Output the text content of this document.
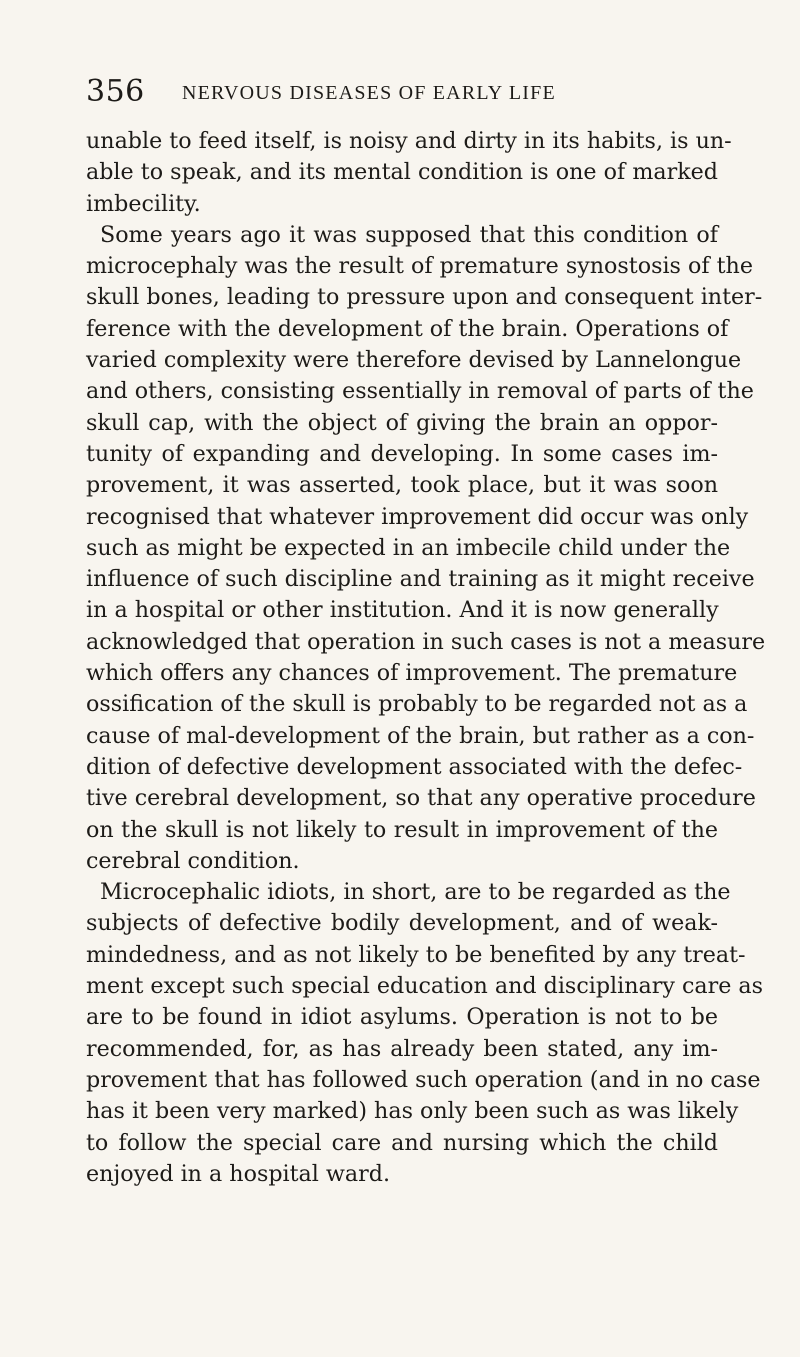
356 NERVOUS DISEASES OF EARLY LIFE
unable to feed itself, is noisy and dirty in its habits, is un-
able to speak, and its mental condition is one of marked
imbecility.
Some years ago it was supposed that this condition of
microcephaly was the result of premature synostosis of the
skull bones, leading to pressure upon and consequent inter-
ference with the development of the brain. Operations of
varied complexity were therefore devised by Lannelongue
and others, consisting essentially in removal of parts of the
skull cap, with the object of giving the brain an oppor-
tunity of expanding and developing. In some cases im-
provement, it was asserted, took place, but it was soon
recognised that whatever improvement did occur was only
such as might be expected in an imbecile child under the
influence of such discipline and training as it might receive
in a hospital or other institution. And it is now generally
acknowledged that operation in such cases is not a measure
which offers any chances of improvement. The premature
ossification of the skull is probably to be regarded not as a
cause of mal-development of the brain, but rather as a con-
dition of defective development associated with the defec-
tive cerebral development, so that any operative procedure
on the skull is not likely to result in improvement of the
cerebral condition.
Microcephalic idiots, in short, are to be regarded as the
subjects of defective bodily development, and of weak-
mindedness, and as not likely to be benefited by any treat-
ment except such special education and disciplinary care as
are to be found in idiot asylums. Operation is not to be
recommended, for, as has already been stated, any im-
provement that has followed such operation (and in no case
has it been very marked) has only been such as was likely
to follow the special care and nursing which the child
enjoyed in a hospital ward.
